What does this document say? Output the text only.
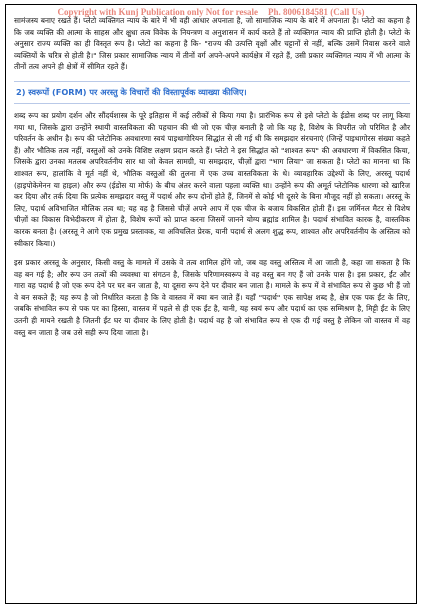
Copyright with Kunj Publication only Not for resale Ph. 8006184581 (Call Us)

सामंजस्य बनाए रखते हैं। प्लेटो व्यक्तिगत न्याय के बारे में भी वही आधार अपनाता है, जो सामाजिक न्याय के बारे में अपनाता है। प्लेटो का कहना है कि जब व्यक्ति की आत्मा के साहस और क्षुधा तत्व विवेक के नियन्त्रण व अनुशासन में कार्य करते हैं तो व्यक्तिगत न्याय की प्राप्ति होती है। प्लेटो के अनुसार राज्य व्यक्ति का ही विस्तृत रूप है। प्लेटो का कहना है कि- "राज्य की उत्पत्ति वृक्षों और चट्टानों से नहीं, बल्कि उसमें निवास करने वाले व्यक्तियों के चरित्र से होती है।" जिस प्रकार सामाजिक न्याय में तीनों वर्ग अपने-अपने कार्यक्षेत्र में रहते हैं, उसी प्रकार व्यक्तिगत न्याय में भी आत्मा के तीनों तत्व अपने ही क्षेत्रों में सीमित रहते हैं।

2) स्वरूपों (FORM) पर अरस्तु के विचारों की विस्तापूर्वक व्याख्या कीजिए।

शब्द रूप का प्रयोग दर्शन और सौंदर्यशास्त्र के पूरे इतिहास में कई तरीकों से किया गया है। प्रारंभिक रूप से इसे प्लेटो के ईडोस शब्द पर लागू किया गया था, जिसके द्वारा उन्होंने स्थायी वास्तविकता की पहचान की थी जो एक चीज़ बनाती है जो कि यह है, विशेष के विपरीत जो परिमित है और परिवर्तन के अधीन है। रूप की प्लेटोनिक अवधारणा स्वयं पाइथागोरियन सिद्धांत से ली गई थी कि समझदार संरचनाएं (जिन्हें पाइथागोरस संख्या कहते हैं) और भौतिक तत्व नहीं, वस्तुओं को उनके विशिष्ट लक्षण प्रदान करते हैं। प्लेटो ने इस सिद्धांत को "शाश्वत रूप" की अवधारणा में विकसित किया, जिसके द्वारा उनका मतलब अपरिवर्तनीय सार था जो केवल सामग्री, या समझदार, चीज़ों द्वारा "भाग लिया" जा सकता है। प्लेटो का मानना था कि शाश्वत रूप, हालांकि वे मूर्त नहीं थे, भौतिक वस्तुओं की तुलना में एक उच्च वास्तविकता के थे। व्यावहारिक उद्देश्यों के लिए, अरस्तू पदार्थ (हाइपोकेमेनन या हाइल) और रूप (ईडोस या मोर्फ) के बीच अंतर करने वाला पहला व्यक्ति था। उन्होंने रूप की अमूर्त प्लेटोनिक धारणा को खारिज कर दिया और तर्क दिया कि प्रत्येक समझदार वस्तु में पदार्थ और रूप दोनों होते हैं, जिनमें से कोई भी दूसरे के बिना मौजूद नहीं हो सकता। अरस्तू के लिए, पदार्थ अविभाजित मौलिक तत्व था; यह वह है जिससे चीज़ें अपने आप में एक चीज के बजाय विकसित होती हैं। इस जर्मिनल मैटर से विशेष चीज़ों का विकास विभेदीकरण में होता है, विशेष रूपों को प्राप्त करना जिसमें जानने योग्य ब्रह्मांड शामिल है। पदार्थ संभावित कारक है, वास्तविक कारक बनता है। (अरस्तू ने आगे एक प्रमुख प्रस्तावक, या अविचलित प्रेरक, यानी पदार्थ से अलग शुद्ध रूप, शाश्वत और अपरिवर्तनीय के अस्तित्व को स्वीकार किया।)

इस प्रकार अरस्तू के अनुसार, किसी वस्तु के मामले में उसके वे तत्व शामिल होंगे जो, जब वह वस्तु अस्तित्व में आ जाती है, कहा जा सकता है कि वह बन गई है; और रूप उन तत्वों की व्यवस्था या संगठन है, जिसके परिणामस्वरूप वे वह वस्तु बन गए हैं जो उनके पास है। इस प्रकार, ईंट और गारा वह पदार्थ है जो एक रूप देने पर घर बन जाता है, या दूसरा रूप देने पर दीवार बन जाता है। मामले के रूप में वे संभावित रूप से कुछ भी हैं जो वे बन सकते हैं; यह रूप है जो निर्धारित करता है कि वे वास्तव में क्या बन जाते हैं। यहाँ "पदार्थ" एक सापेक्ष शब्द है, क्षेत्र एक पक ईंट के लिए, जबकि संभावित रूप से पक पर का हिस्सा, वास्तव में पहले से ही एक ईंट है, यानी, यह स्वयं रूप और पदार्थ का एक सम्मिश्रण है, मिट्टी ईंट के लिए उतनी ही मायने रखती है जितनी ईंट घर या दीवार के लिए होती है। पदार्थ वह है जो संभावित रूप से एक दी गई वस्तु है लेकिन जो वास्तव में वह वस्तु बन जाता है जब उसे सही रूप दिया जाता है।
